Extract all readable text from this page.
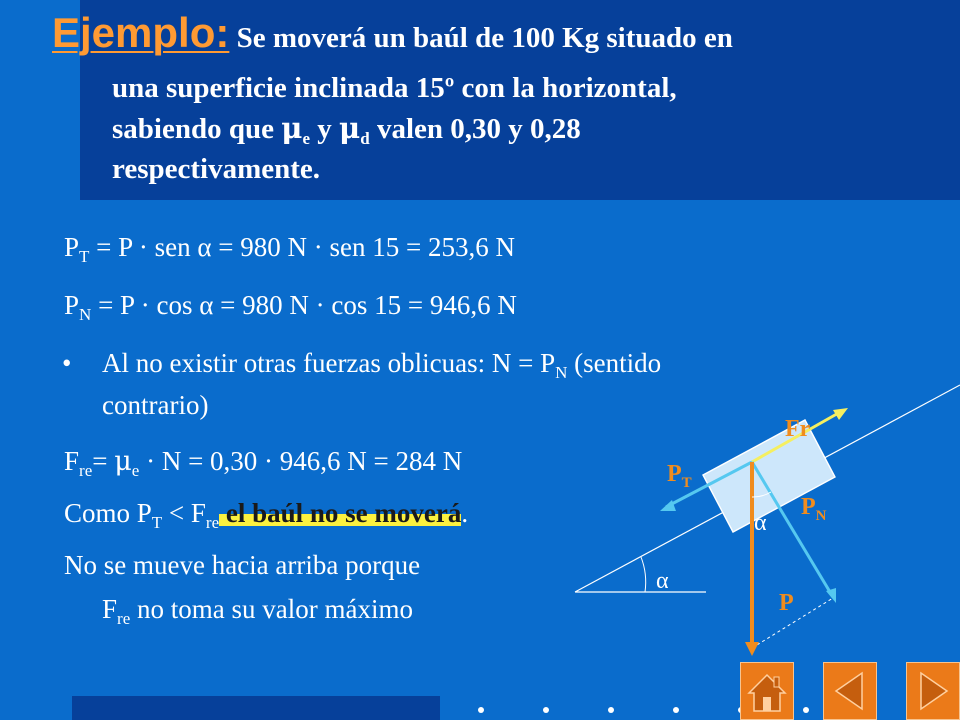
Ejemplo: Se moverá un baúl de 100 Kg situado en
una superficie inclinada 15º con la horizontal,
sabiendo que $\mu_e$ y $\mu_d$ valen 0,30 y 0,28
respectivamente.
$P_T = P$ · sen α = 980 N · sen 15 = 253,6 N
$P_N = P \cdot \cos \alpha = 980$ N · cos 15 = 946,6 N
• Al no existir otras fuerzas oblicuas: $N = P_N$ (sentido
contrario)
$F_{re}= \mu_e \cdot N = 0,30 \cdot 946,6$ N = 284 N
Como $P_T < F_{re}$ el baúl no se moverá.
No se mueve hacia arriba porque
$F_{re}$ no toma su valor máximo
Fr
$P_T$
$P_N$
α
α
P
